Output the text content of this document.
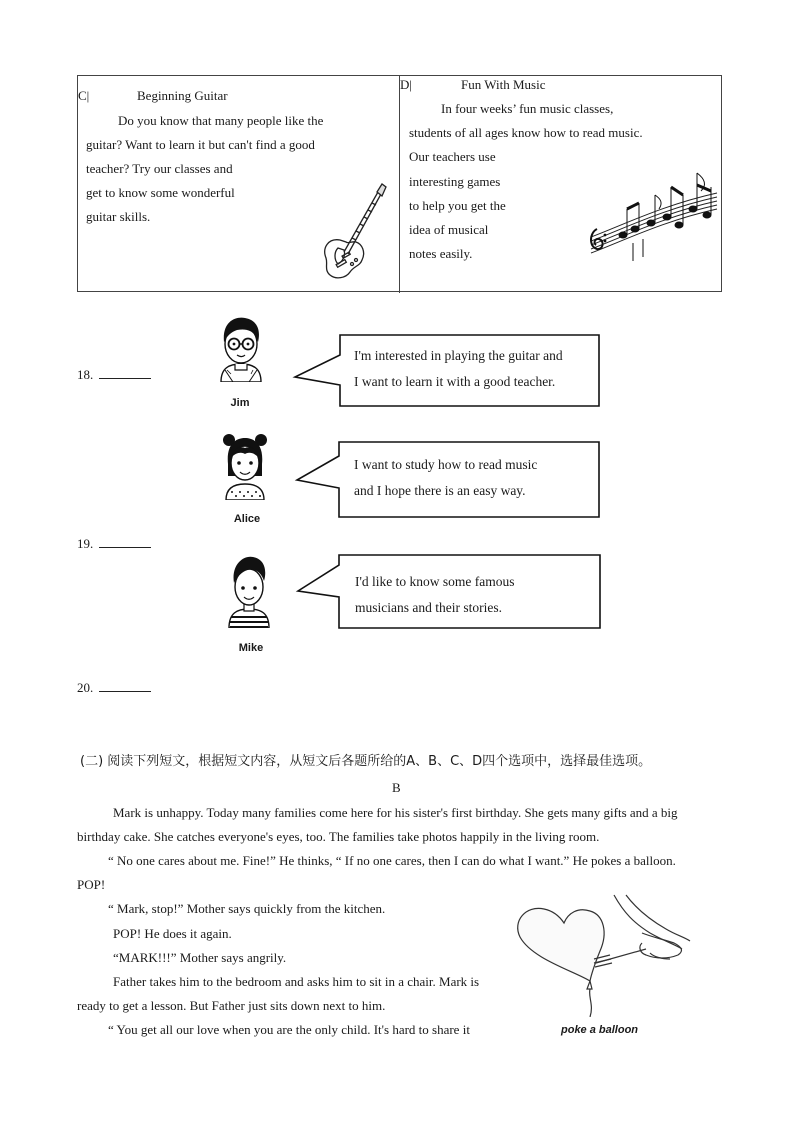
C|	Beginning Guitar
Do you know that many people like the
guitar? Want to learn it but can't find a good
teacher? Try our classes and
get to know some wonderful
guitar skills.
D|	Fun With Music
In four weeks’ fun music classes,
students of all ages know how to read music.
Our teachers use
interesting games
to help you get the
idea of musical
notes easily.
18.
19.
20.
Jim
Alice
Mike
I'm interested in playing the guitar and
I want to learn it with a good teacher.
I want to study how to read music
and I hope there is an easy way.
I'd like to know some famous
musicians and their stories.
(二) 阅读下列短文，根据短文内容，从短文后各题所给的A、B、C、D四个选项中，选择最佳选项。
B
Mark is unhappy. Today many families come here for his sister's first birthday. She gets many gifts and a big
birthday cake. She catches everyone's eyes, too. The families take photos happily in the living room.
“ No one cares about me. Fine!” He thinks, “ If no one cares, then I can do what I want.” He pokes a balloon.
POP!
“ Mark, stop!” Mother says quickly from the kitchen.
POP! He does it again.
“MARK!!!” Mother says angrily.
Father takes him to the bedroom and asks him to sit in a chair. Mark is
ready to get a lesson. But Father just sits down next to him.
“ You get all our love when you are the only child. It's hard to share it	poke a balloon
